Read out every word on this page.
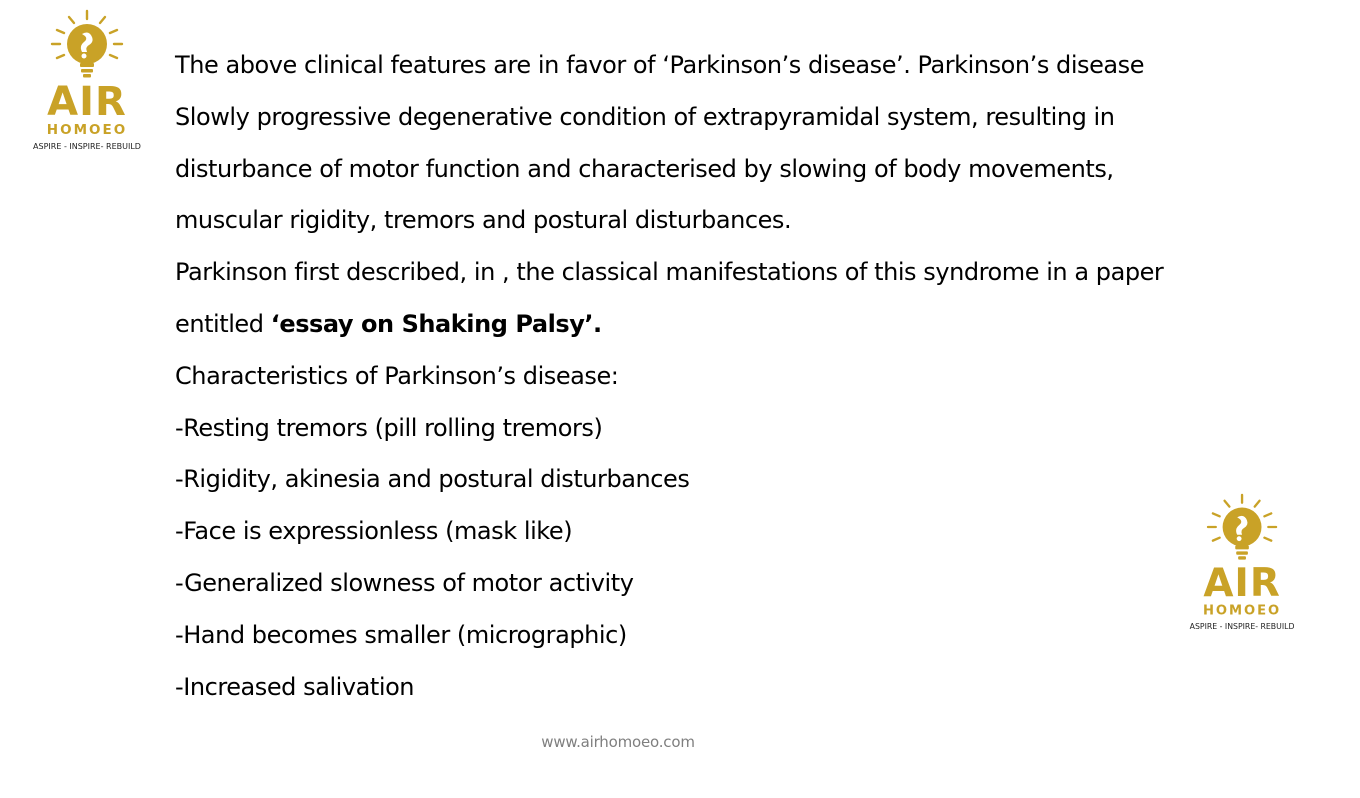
AIR
HOMOEO
ASPIRE - INSPIRE- REBUILD
The above clinical features are in favor of ‘Parkinson’s disease’. Parkinson’s disease
Slowly progressive degenerative condition of extrapyramidal system, resulting in
disturbance of motor function and characterised by slowing of body movements,
muscular rigidity, tremors and postural disturbances.
Parkinson first described, in , the classical manifestations of this syndrome in a paper
entitled ‘essay on Shaking Palsy’.
Characteristics of Parkinson’s disease:
-Resting tremors (pill rolling tremors)
-Rigidity, akinesia and postural disturbances
-Face is expressionless (mask like)
-Generalized slowness of motor activity
-Hand becomes smaller (micrographic)
-Increased salivation
AIR
HOMOEO
ASPIRE - INSPIRE- REBUILD
www.airhomoeo.com
